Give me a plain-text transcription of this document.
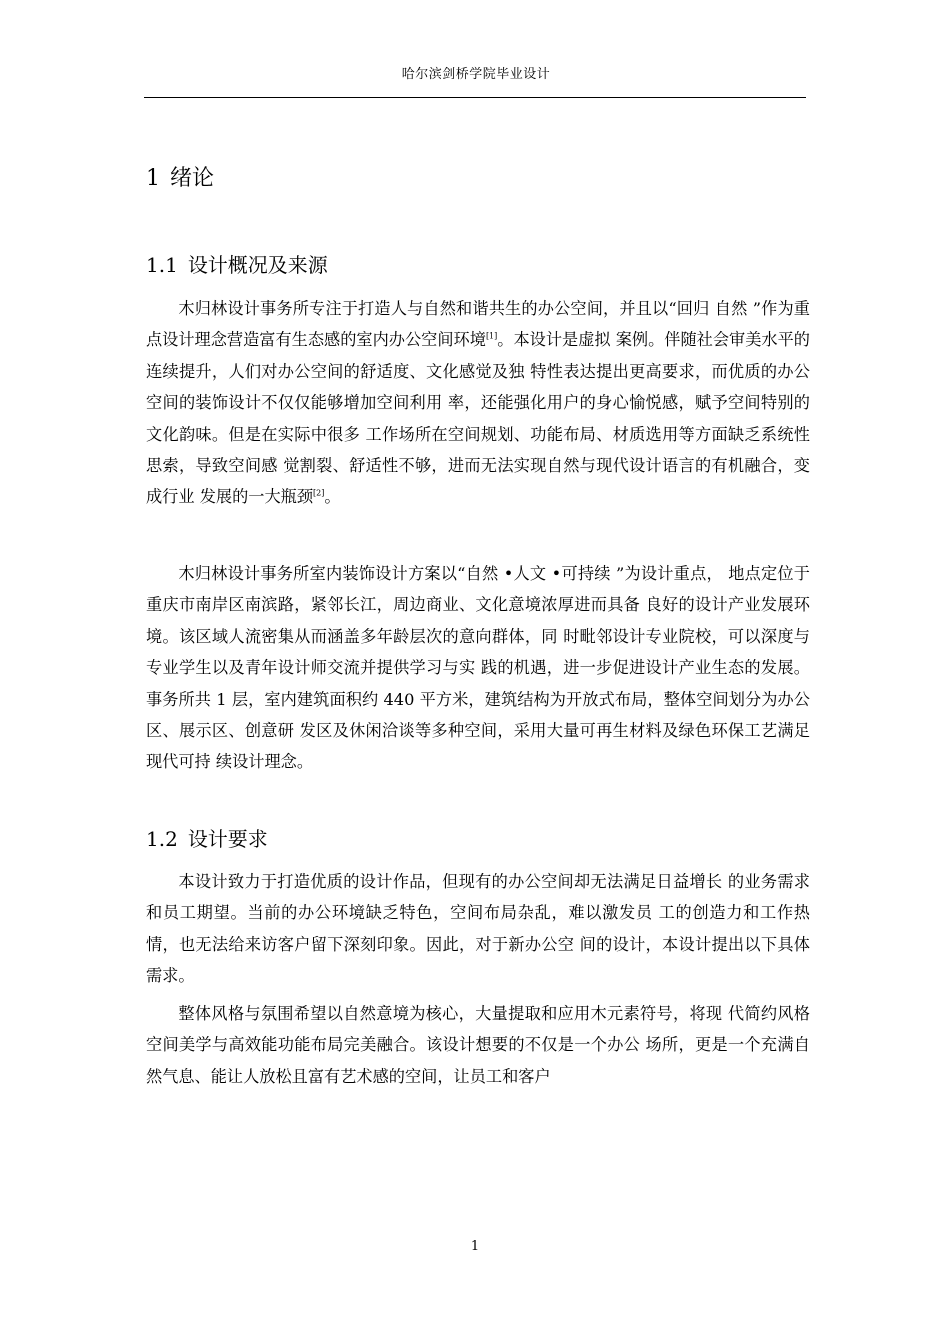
哈尔滨剑桥学院毕业设计
1 绪论
1.1 设计概况及来源

木归林设计事务所专注于打造人与自然和谐共生的办公空间，并且以“回归 自然 ”作为重点设计理念营造富有生态感的室内办公空间环境[1]。本设计是虚拟 案例。伴随社会审美水平的连续提升，人们对办公空间的舒适度、文化感觉及独 特性表达提出更高要求，而优质的办公空间的装饰设计不仅仅能够增加空间利用 率，还能强化用户的身心愉悦感，赋予空间特别的文化韵味。但是在实际中很多 工作场所在空间规划、功能布局、材质选用等方面缺乏系统性思索，导致空间感 觉割裂、舒适性不够，进而无法实现自然与现代设计语言的有机融合，变成行业 发展的一大瓶颈[2]。

木归林设计事务所室内装饰设计方案以“自然 •人文 •可持续 ”为设计重点， 地点定位于重庆市南岸区南滨路，紧邻长江，周边商业、文化意境浓厚进而具备 良好的设计产业发展环境。该区域人流密集从而涵盖多年龄层次的意向群体，同 时毗邻设计专业院校，可以深度与专业学生以及青年设计师交流并提供学习与实 践的机遇，进一步促进设计产业生态的发展。事务所共 1 层，室内建筑面积约 440 平方米，建筑结构为开放式布局，整体空间划分为办公区、展示区、创意研 发区及休闲洽谈等多种空间，采用大量可再生材料及绿色环保工艺满足现代可持 续设计理念。

1.2 设计要求

本设计致力于打造优质的设计作品，但现有的办公空间却无法满足日益增长 的业务需求和员工期望。当前的办公环境缺乏特色，空间布局杂乱，难以激发员 工的创造力和工作热情，也无法给来访客户留下深刻印象。因此，对于新办公空 间的设计，本设计提出以下具体需求。

整体风格与氛围希望以自然意境为核心，大量提取和应用木元素符号，将现 代简约风格空间美学与高效能功能布局完美融合。该设计想要的不仅是一个办公 场所，更是一个充满自然气息、能让人放松且富有艺术感的空间，让员工和客户

1
